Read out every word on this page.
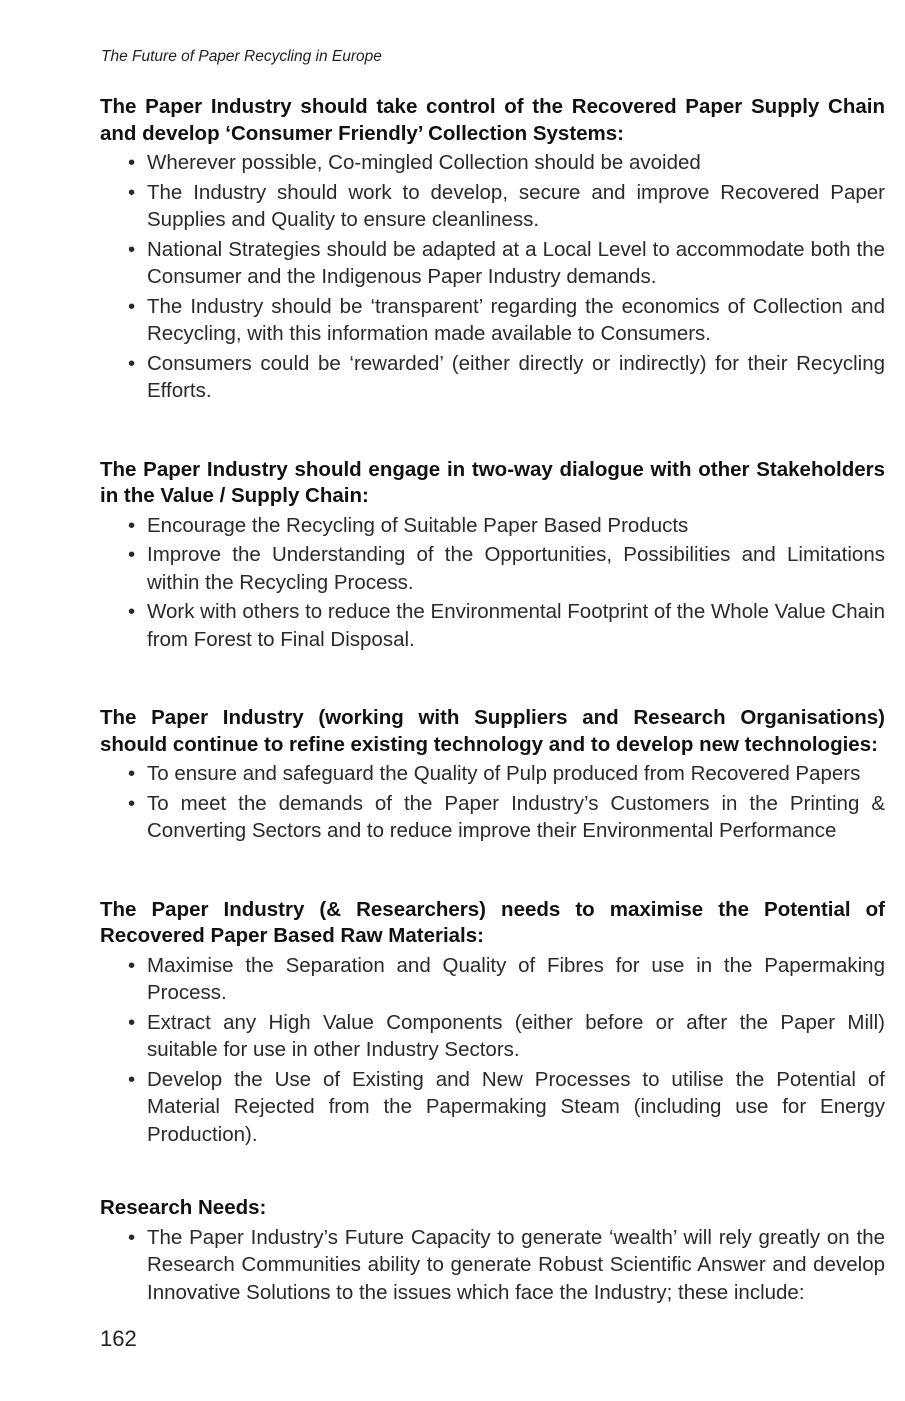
The Future of Paper Recycling in Europe

The Paper Industry should take control of the Recovered Paper Supply Chain and develop ‘Consumer Friendly’ Collection Systems:

• Wherever possible, Co-mingled Collection should be avoided
• The Industry should work to develop, secure and improve Recovered Paper Supplies and Quality to ensure cleanliness.
• National Strategies should be adapted at a Local Level to accommodate both the Consumer and the Indigenous Paper Industry demands.
• The Industry should be ‘transparent’ regarding the economics of Collection and Recycling, with this information made available to Consumers.
• Consumers could be ‘rewarded’ (either directly or indirectly) for their Recycling Efforts.

The Paper Industry should engage in two-way dialogue with other Stakeholders in the Value / Supply Chain:

• Encourage the Recycling of Suitable Paper Based Products
• Improve the Understanding of the Opportunities, Possibilities and Limitations within the Recycling Process.
• Work with others to reduce the Environmental Footprint of the Whole Value Chain from Forest to Final Disposal.

The Paper Industry (working with Suppliers and Research Organisations) should continue to refine existing technology and to develop new technologies:

• To ensure and safeguard the Quality of Pulp produced from Recovered Papers
• To meet the demands of the Paper Industry’s Customers in the Printing & Converting Sectors and to reduce improve their Environmental Performance

The Paper Industry (& Researchers) needs to maximise the Potential of Recovered Paper Based Raw Materials:

• Maximise the Separation and Quality of Fibres for use in the Papermaking Process.
• Extract any High Value Components (either before or after the Paper Mill) suitable for use in other Industry Sectors.
• Develop the Use of Existing and New Processes to utilise the Potential of Material Rejected from the Papermaking Steam (including use for Energy Production).

Research Needs:

• The Paper Industry’s Future Capacity to generate ‘wealth’ will rely greatly on the Research Communities ability to generate Robust Scientific Answer and develop Innovative Solutions to the issues which face the Industry; these include:
162
